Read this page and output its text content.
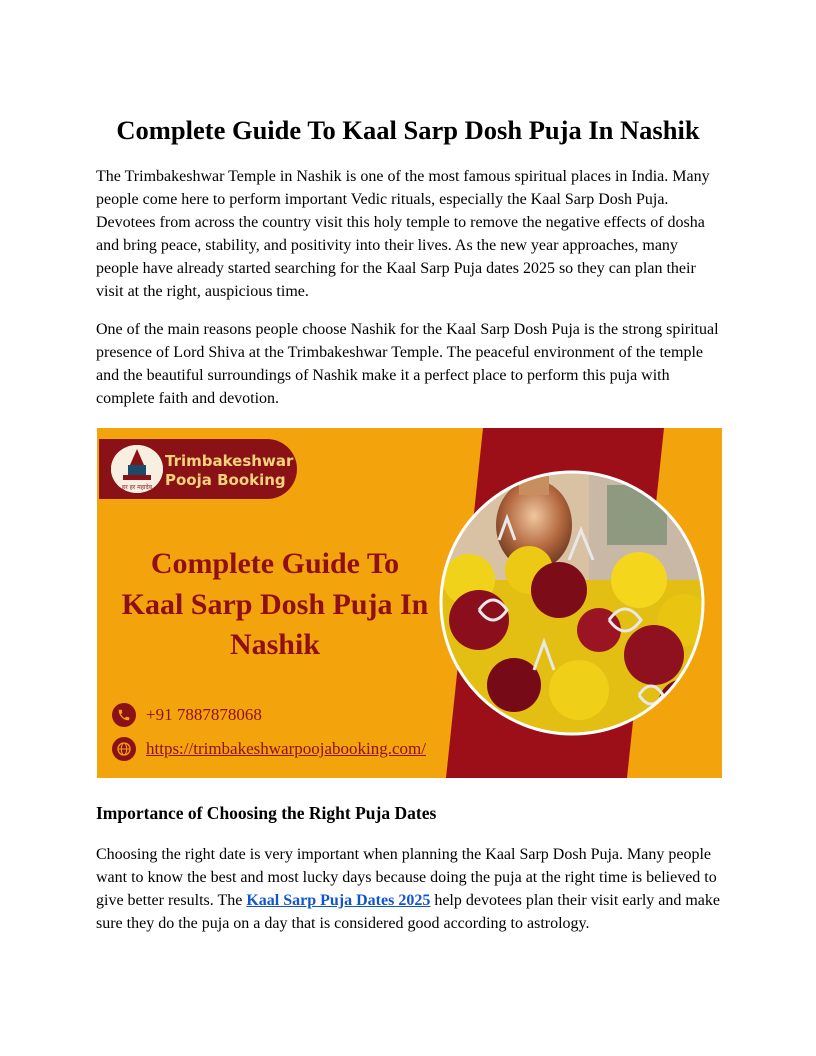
Complete Guide To Kaal Sarp Dosh Puja In Nashik

The Trimbakeshwar Temple in Nashik is one of the most famous spiritual places in India. Many people come here to perform important Vedic rituals, especially the Kaal Sarp Dosh Puja. Devotees from across the country visit this holy temple to remove the negative effects of dosha and bring peace, stability, and positivity into their lives. As the new year approaches, many people have already started searching for the Kaal Sarp Puja dates 2025 so they can plan their visit at the right, auspicious time.

One of the main reasons people choose Nashik for the Kaal Sarp Dosh Puja is the strong spiritual presence of Lord Shiva at the Trimbakeshwar Temple. The peaceful environment of the temple and the beautiful surroundings of Nashik make it a perfect place to perform this puja with complete faith and devotion.

हर हर महादेव
Trimbakeshwar
Pooja Booking
Complete Guide To
Kaal Sarp Dosh Puja In
Nashik
+91 7887878068
https://trimbakeshwarpoojabooking.com/
Importance of Choosing the Right Puja Dates

Choosing the right date is very important when planning the Kaal Sarp Dosh Puja. Many people want to know the best and most lucky days because doing the puja at the right time is believed to give better results. The Kaal Sarp Puja Dates 2025 help devotees plan their visit early and make sure they do the puja on a day that is considered good according to astrology.
